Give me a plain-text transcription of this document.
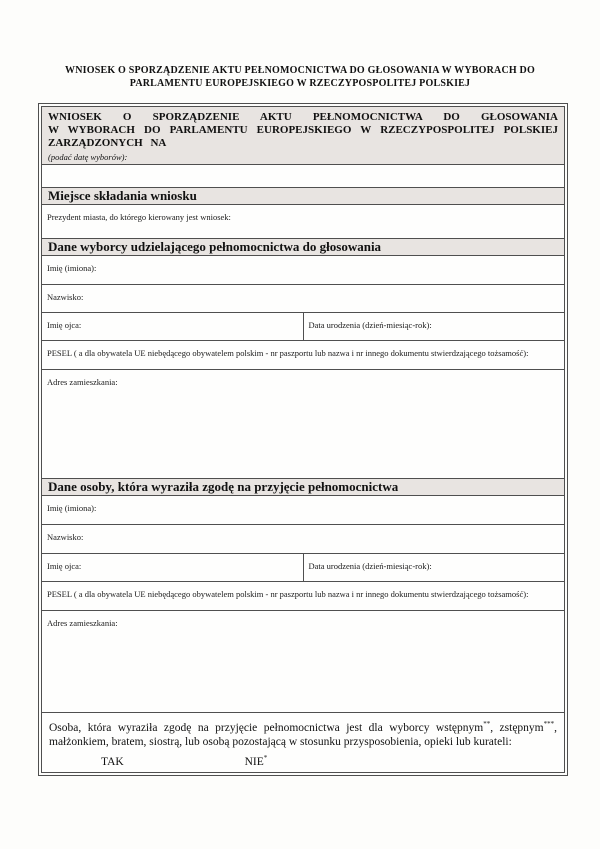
WNIOSEK O SPORZĄDZENIE AKTU PEŁNOMOCNICTWA DO GŁOSOWANIA W WYBORACH DO
PARLAMENTU EUROPEJSKIEGO W RZECZYPOSPOLITEJ POLSKIEJ
WNIOSEK O SPORZĄDZENIE AKTU PEŁNOMOCNICTWA DO GŁOSOWANIA
W WYBORACH DO PARLAMENTU EUROPEJSKIEGO W RZECZYPOSPOLITEJ POLSKIEJ
ZARZĄDZONYCH NA
(podać datę wyborów):	

Miejsce składania wniosku	
Prezydent miasta, do którego kierowany jest wniosek:	
Dane wyborcy udzielającego pełnomocnictwa do głosowania	
Imię (imiona):	
Nazwisko:	
Imię ojca:	Data urodzenia (dzień-miesiąc-rok):
PESEL ( a dla obywatela UE niebędącego obywatelem polskim - nr paszportu lub nazwa i nr innego dokumentu stwierdzającego tożsamość):	
Adres zamieszkania:	
Dane osoby, która wyraziła zgodę na przyjęcie pełnomocnictwa	
Imię (imiona):	
Nazwisko:	
Imię ojca:	Data urodzenia (dzień-miesiąc-rok):
PESEL ( a dla obywatela UE niebędącego obywatelem polskim - nr paszportu lub nazwa i nr innego dokumentu stwierdzającego tożsamość):	
Adres zamieszkania:	

Osoba, która wyraziła zgodę na przyjęcie pełnomocnictwa jest dla wyborcy wstępnym**, zstępnym***, małżonkiem, bratem, siostrą, lub osobą pozostającą w stosunku przysposobienia, opieki lub kurateli:
TAK NIE*
